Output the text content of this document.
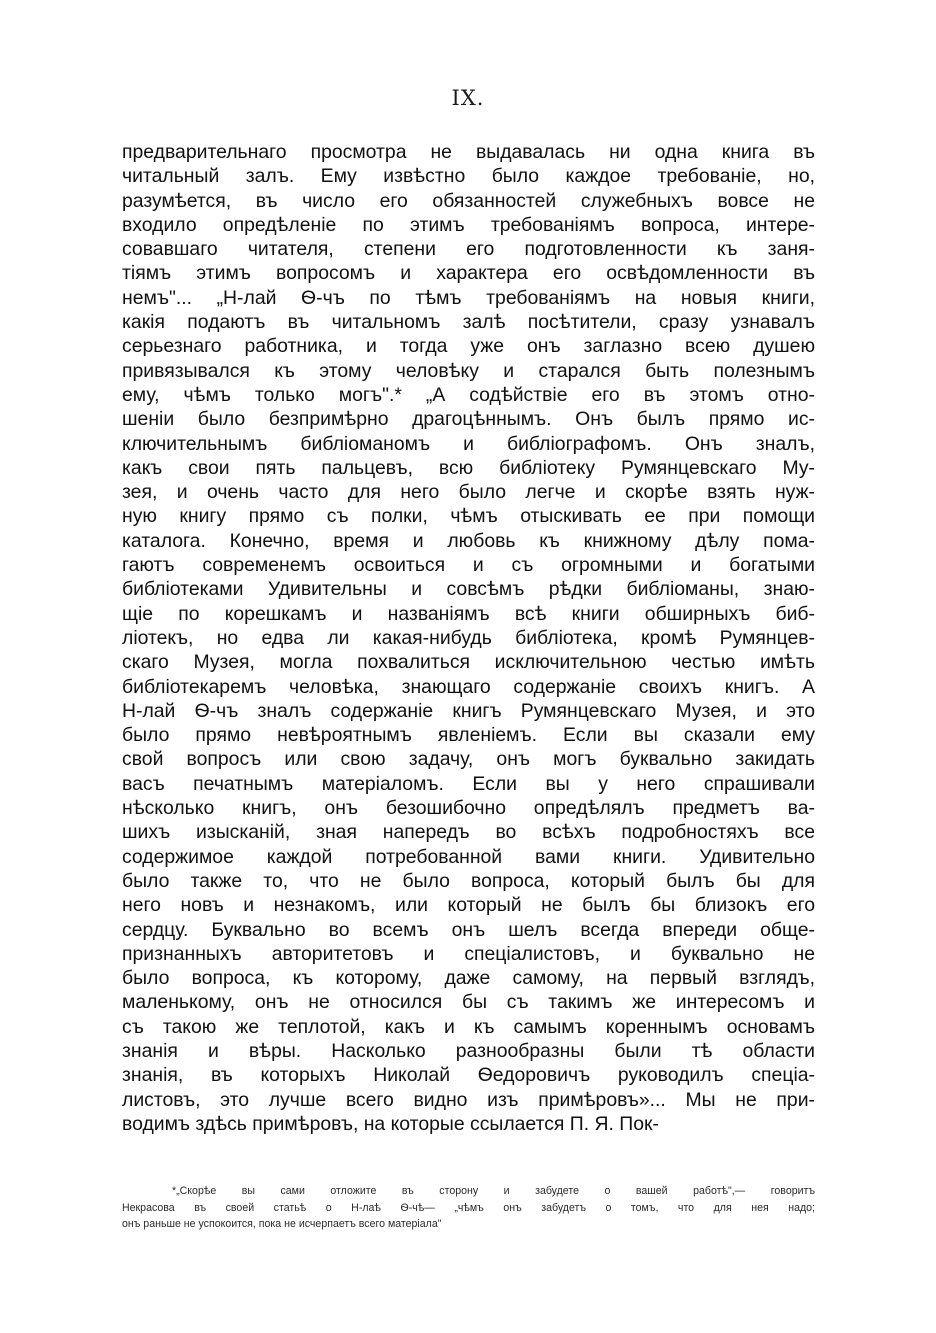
IX.
предварительнаго просмотра не выдавалась ни одна книга въ
читальный залъ. Ему извѣстно было каждое требованіе, но,
разумѣется, въ число его обязанностей служебныхъ вовсе не
входило опредѣленіе по этимъ требованіямъ вопроса, интере-
совавшаго читателя, степени его подготовленности къ заня-
тіямъ этимъ вопросомъ и характера его освѣдомленности въ
немъ"... „Н-лай Ѳ-чъ по тѣмъ требованіямъ на новыя книги,
какія подаютъ въ читальномъ залѣ посѣтители, сразу узнавалъ
серьезнаго работника, и тогда уже онъ заглазно всею душею
привязывался къ этому человѣку и старался быть полезнымъ
ему, чѣмъ только могъ".* „А содѣйствіе его въ этомъ отно-
шеніи было безпримѣрно драгоцѣннымъ. Онъ былъ прямо ис-
ключительнымъ библіоманомъ и библіографомъ. Онъ зналъ,
какъ свои пять пальцевъ, всю библіотеку Румянцевскаго Му-
зея, и очень часто для него было легче и скорѣе взять нуж-
ную книгу прямо съ полки, чѣмъ отыскивать ее при помощи
каталога. Конечно, время и любовь къ книжному дѣлу пома-
гаютъ современемъ освоиться и съ огромными и богатыми
библіотеками Удивительны и совсѣмъ рѣдки библіоманы, знаю-
щіе по корешкамъ и названіямъ всѣ книги обширныхъ биб-
ліотекъ, но едва ли какая-нибудь библіотека, кромѣ Румянцев-
скаго Музея, могла похвалиться исключительною честью имѣть
библіотекаремъ человѣка, знающаго содержаніе своихъ книгъ. А
Н-лай Ѳ-чъ зналъ содержаніе книгъ Румянцевскаго Музея, и это
было прямо невѣроятнымъ явленіемъ. Если вы сказали ему
свой вопросъ или свою задачу, онъ могъ буквально закидать
васъ печатнымъ матеріаломъ. Если вы у него спрашивали
нѣсколько книгъ, онъ безошибочно опредѣлялъ предметъ ва-
шихъ изысканій, зная напередъ во всѣхъ подробностяхъ все
содержимое каждой потребованной вами книги. Удивительно
было также то, что не было вопроса, который былъ бы для
него новъ и незнакомъ, или который не былъ бы близокъ его
сердцу. Буквально во всемъ онъ шелъ всегда впереди обще-
признанныхъ авторитетовъ и спеціалистовъ, и буквально не
было вопроса, къ которому, даже самому, на первый взглядъ,
маленькому, онъ не относился бы съ такимъ же интересомъ и
съ такою же теплотой, какъ и къ самымъ кореннымъ основамъ
знанія и вѣры. Насколько разнообразны были тѣ области
знанія, въ которыхъ Николай Ѳедоровичъ руководилъ спеціа-
листовъ, это лучше всего видно изъ примѣровъ»... Мы не при-
водимъ здѣсь примѣровъ, на которые ссылается П. Я. Пок-
*„Скорѣе вы сами отложите въ сторону и забудете о вашей работѣ",— говоритъ
Некрасова въ своей статьѣ о Н-лаѣ Ѳ-чѣ— „чѣмъ онъ забудетъ о томъ, что для нея надо;
онъ раньше не успокоится, пока не исчерпаетъ всего матеріала"
